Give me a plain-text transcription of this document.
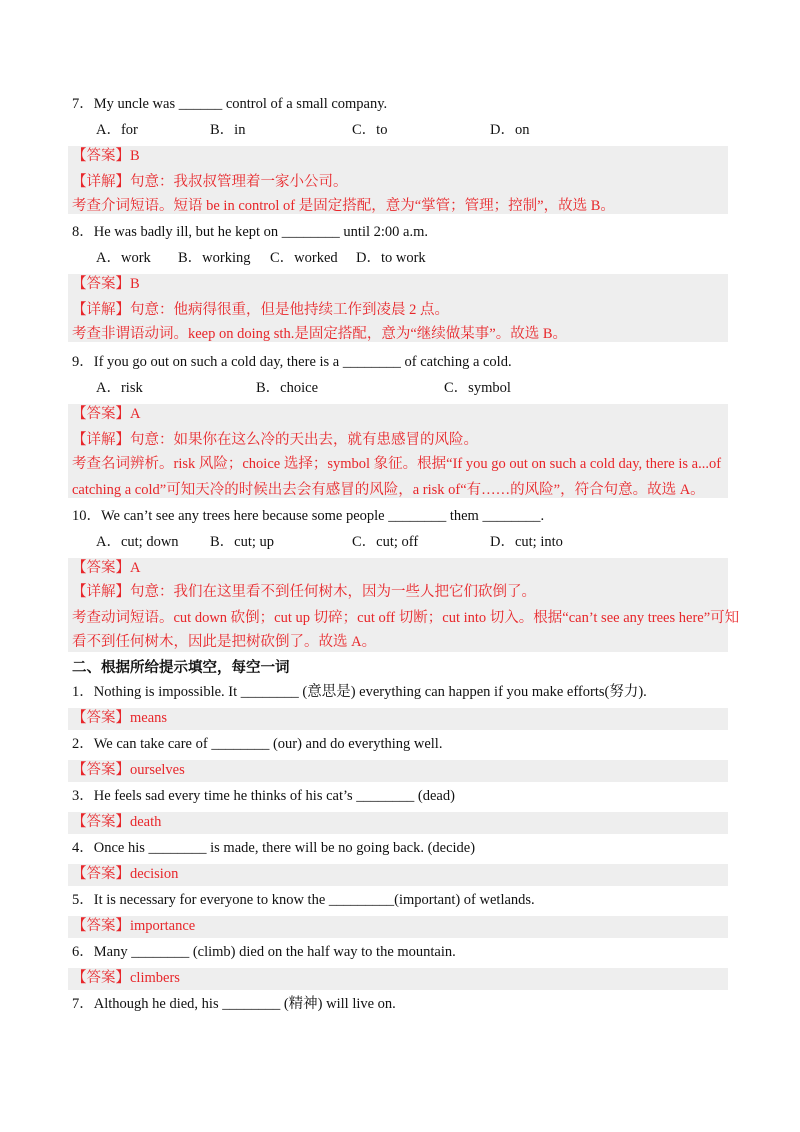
7．My uncle was ______ control of a small company.
A．for	B．in	C．to	D．on
【答案】B
【详解】句意：我叔叔管理着一家小公司。
考查介词短语。短语 be in control of 是固定搭配，意为“掌管；管理；控制”，故选 B。
8．He was badly ill, but he kept on ________ until 2:00 a.m.
A．work B．working C．worked D．to work
【答案】B
【详解】句意：他病得很重，但是他持续工作到凌晨 2 点。
考查非谓语动词。keep on doing sth.是固定搭配，意为“继续做某事”。故选 B。
9．If you go out on such a cold day, there is a ________ of catching a cold.
A．risk	B．choice	C．symbol
【答案】A
【详解】句意：如果你在这么冷的天出去，就有患感冒的风险。
考查名词辨析。risk 风险；choice 选择；symbol 象征。根据“If you go out on such a cold day, there is a...of
catching a cold”可知天冷的时候出去会有感冒的风险，a risk of“有……的风险”，符合句意。故选 A。
10．We can’t see any trees here because some people ________ them ________.
A．cut; down B．cut; up	C．cut; off	D．cut; into
【答案】A
【详解】句意：我们在这里看不到任何树木，因为一些人把它们砍倒了。
考查动词短语。cut down 砍倒；cut up 切碎；cut off 切断；cut into 切入。根据“can’t see any trees here”可知
看不到任何树木，因此是把树砍倒了。故选 A。
二、根据所给提示填空，每空一词
1．Nothing is impossible. It ________ (意思是) everything can happen if you make efforts(努力).
【答案】means
2．We can take care of ________ (our) and do everything well.
【答案】ourselves
3．He feels sad every time he thinks of his cat’s ________ (dead)
【答案】death
4．Once his ________ is made, there will be no going back. (decide)
【答案】decision
5．It is necessary for everyone to know the _________(important) of wetlands.
【答案】importance
6．Many ________ (climb) died on the half way to the mountain.
【答案】climbers
7．Although he died, his ________ (精神) will live on.
